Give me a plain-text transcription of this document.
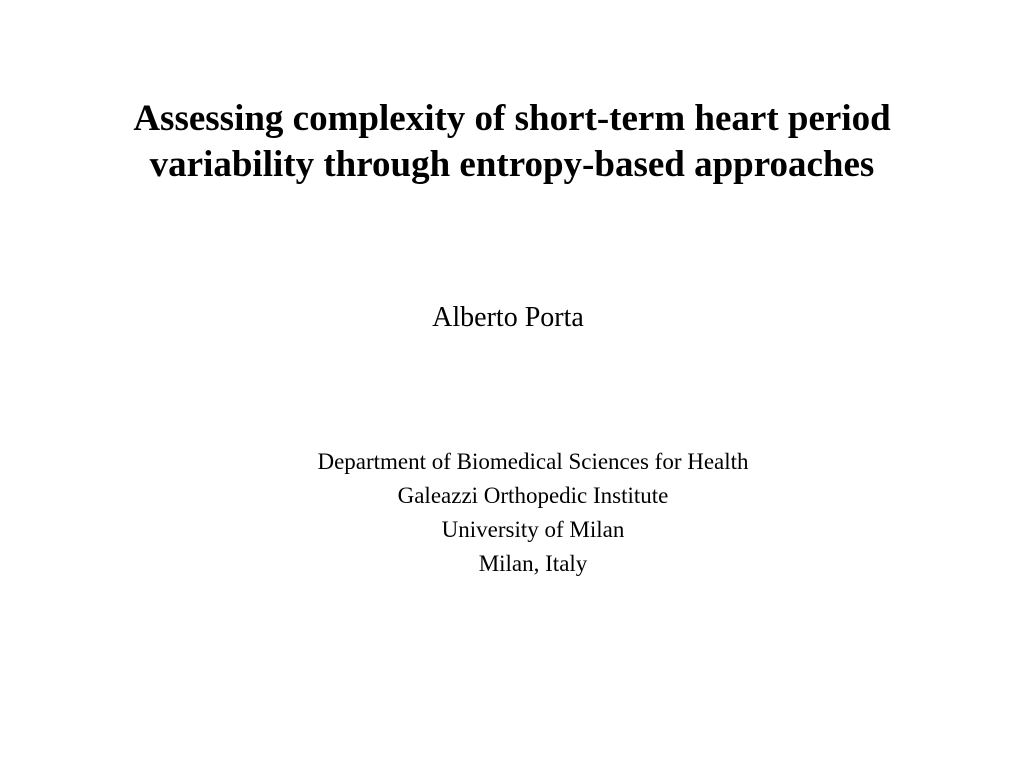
Assessing complexity of short-term heart period
variability through entropy-based approaches
Alberto Porta
Department of Biomedical Sciences for Health
Galeazzi Orthopedic Institute
University of Milan
Milan, Italy
